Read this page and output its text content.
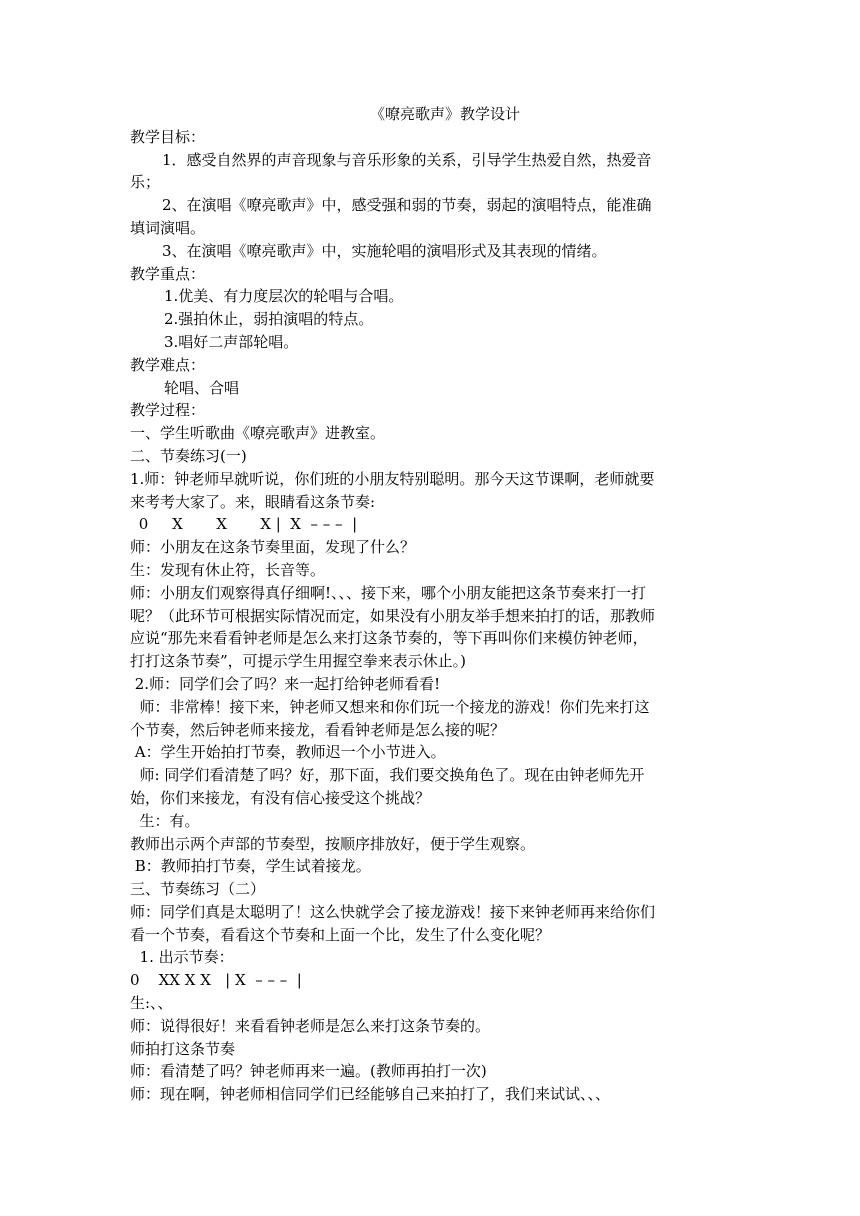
《嘹亮歌声》教学设计
教学目标：
1．感受自然界的声音现象与音乐形象的关系，引导学生热爱自然，热爱音
乐；
2、在演唱《嘹亮歌声》中，感受强和弱的节奏，弱起的演唱特点，能准确
填词演唱。
3、在演唱《嘹亮歌声》中，实施轮唱的演唱形式及其表现的情绪。
教学重点：
1.优美、有力度层次的轮唱与合唱。
2.强拍休止，弱拍演唱的特点。
3.唱好二声部轮唱。
教学难点：
轮唱、合唱
教学过程：
一、学生听歌曲《嘹亮歌声》进教室。
二、节奏练习(一)
1.师：钟老师早就听说，你们班的小朋友特别聪明。那今天这节课啊，老师就要
来考考大家了。来，眼睛看这条节奏:
0     X       X       X |  X  – – –  |
师：小朋友在这条节奏里面，发现了什么？
生：发现有休止符，长音等。
师：小朋友们观察得真仔细啊!、、、接下来，哪个小朋友能把这条节奏来打一打
呢？（此环节可根据实际情况而定，如果没有小朋友举手想来拍打的话，那教师
应说“那先来看看钟老师是怎么来打这条节奏的，等下再叫你们来模仿钟老师，
打打这条节奏”，可提示学生用握空拳来表示休止。)
2.师：同学们会了吗？来一起打给钟老师看看!
师：非常棒！接下来，钟老师又想来和你们玩一个接龙的游戏！你们先来打这
个节奏，然后钟老师来接龙，看看钟老师是怎么接的呢？
A：学生开始拍打节奏，教师迟一个小节进入。
师: 同学们看清楚了吗？好，那下面，我们要交换角色了。现在由钟老师先开
始，你们来接龙，有没有信心接受这个挑战？
生：有。
教师出示两个声部的节奏型，按顺序排放好，便于学生观察。
B：教师拍打节奏，学生试着接龙。
三、节奏练习（二）
师：同学们真是太聪明了！这么快就学会了接龙游戏！接下来钟老师再来给你们
看一个节奏，看看这个节奏和上面一个比，发生了什么变化呢？
1. 出示节奏：
0    XX X X   | X  – – –  |
生:、、
师：说得很好！来看看钟老师是怎么来打这条节奏的。
师拍打这条节奏
师：看清楚了吗？钟老师再来一遍。(教师再拍打一次)
师：现在啊，钟老师相信同学们已经能够自己来拍打了，我们来试试、、、
